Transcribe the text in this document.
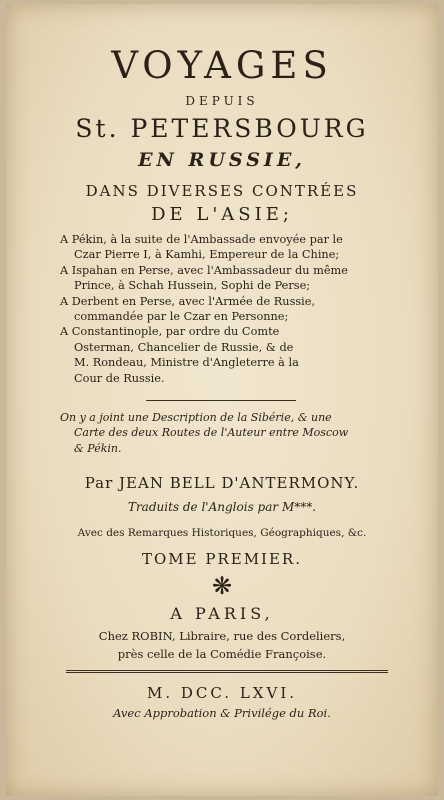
VOYAGES
DEPUIS
St. PETERSBOURG
EN RUSSIE,
DANS DIVERSES CONTRÉES
DE L'ASIE;
A Pékin, à la suite de l'Ambassade envoyée par le
Czar Pierre I, à Kamhi, Empereur de la Chine;
A Ispahan en Perse, avec l'Ambassadeur du même
Prince, à Schah Hussein, Sophi de Perse;
A Derbent en Perse, avec l'Armée de Russie,
commandée par le Czar en Personne;
A Constantinople, par ordre du Comte
Osterman, Chancelier de Russie, & de
M. Rondeau, Ministre d'Angleterre à la
Cour de Russie.
On y a joint une Description de la Sibérie, & une
Carte des deux Routes de l'Auteur entre Moscow
& Pékin.
Par JEAN BELL D'ANTERMONY.
Traduits de l'Anglois par M***.
Avec des Remarques Historiques, Géographiques, &c.
TOME PREMIER.
❋
A PARIS,
Chez ROBIN, Libraire, rue des Cordeliers,
près celle de la Comédie Françoise.
M. DCC. LXVI.
Avec Approbation & Privilége du Roi.
